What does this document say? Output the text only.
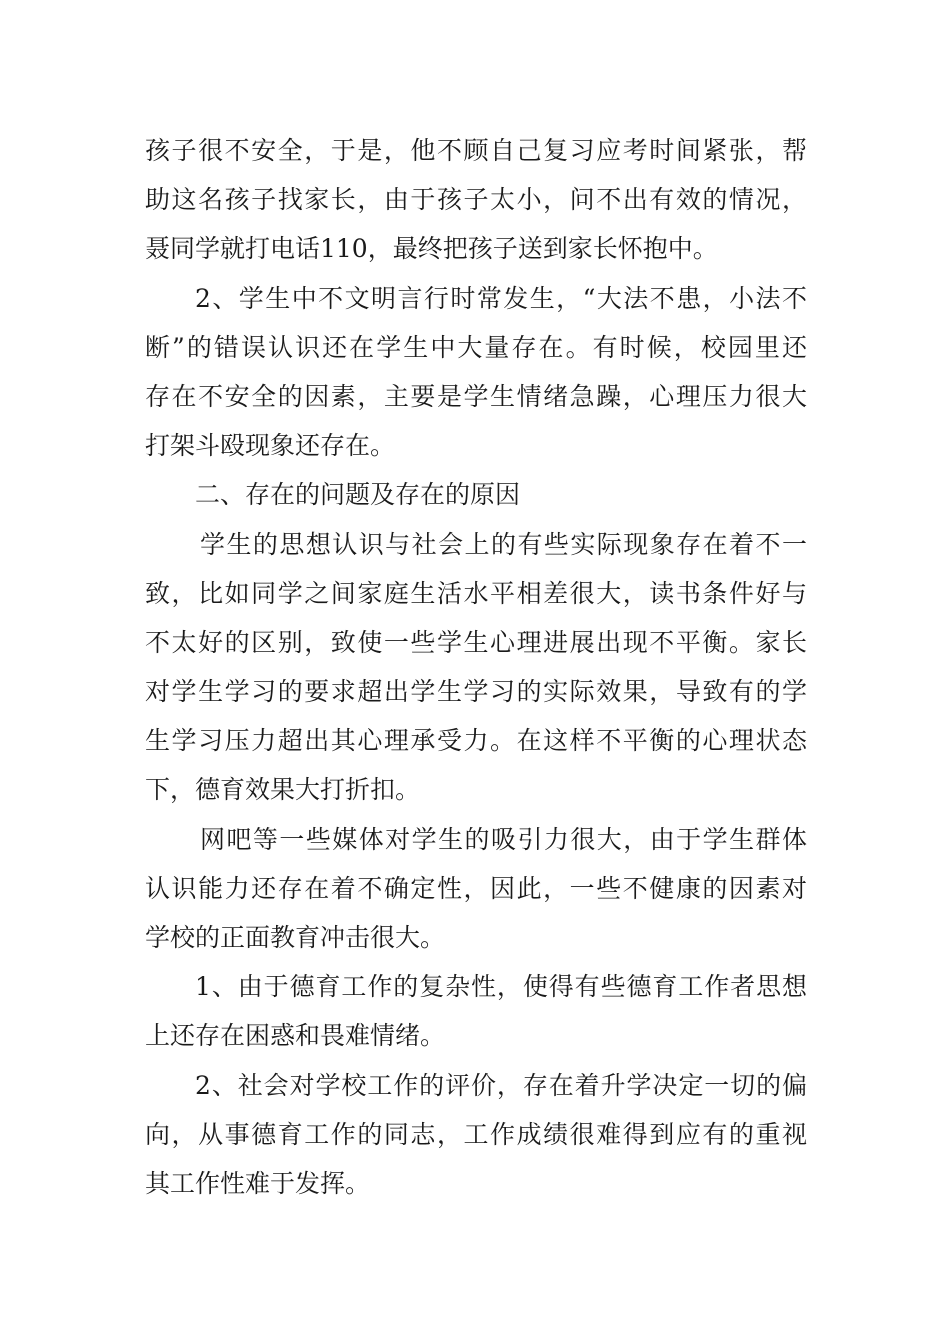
孩子很不安全，于是，他不顾自己复习应考时间紧张，帮
助这名孩子找家长，由于孩子太小，问不出有效的情况，
聂同学就打电话110，最终把孩子送到家长怀抱中。
2、学生中不文明言行时常发生，“大法不患，小法不
断”的错误认识还在学生中大量存在。有时候，校园里还
存在不安全的因素，主要是学生情绪急躁，心理压力很大
打架斗殴现象还存在。
二、存在的问题及存在的原因
学生的思想认识与社会上的有些实际现象存在着不一
致，比如同学之间家庭生活水平相差很大，读书条件好与
不太好的区别，致使一些学生心理进展出现不平衡。家长
对学生学习的要求超出学生学习的实际效果，导致有的学
生学习压力超出其心理承受力。在这样不平衡的心理状态
下，德育效果大打折扣。
网吧等一些媒体对学生的吸引力很大，由于学生群体
认识能力还存在着不确定性，因此，一些不健康的因素对
学校的正面教育冲击很大。
1、由于德育工作的复杂性，使得有些德育工作者思想
上还存在困惑和畏难情绪。
2、社会对学校工作的评价，存在着升学决定一切的偏
向，从事德育工作的同志，工作成绩很难得到应有的重视
其工作性难于发挥。
